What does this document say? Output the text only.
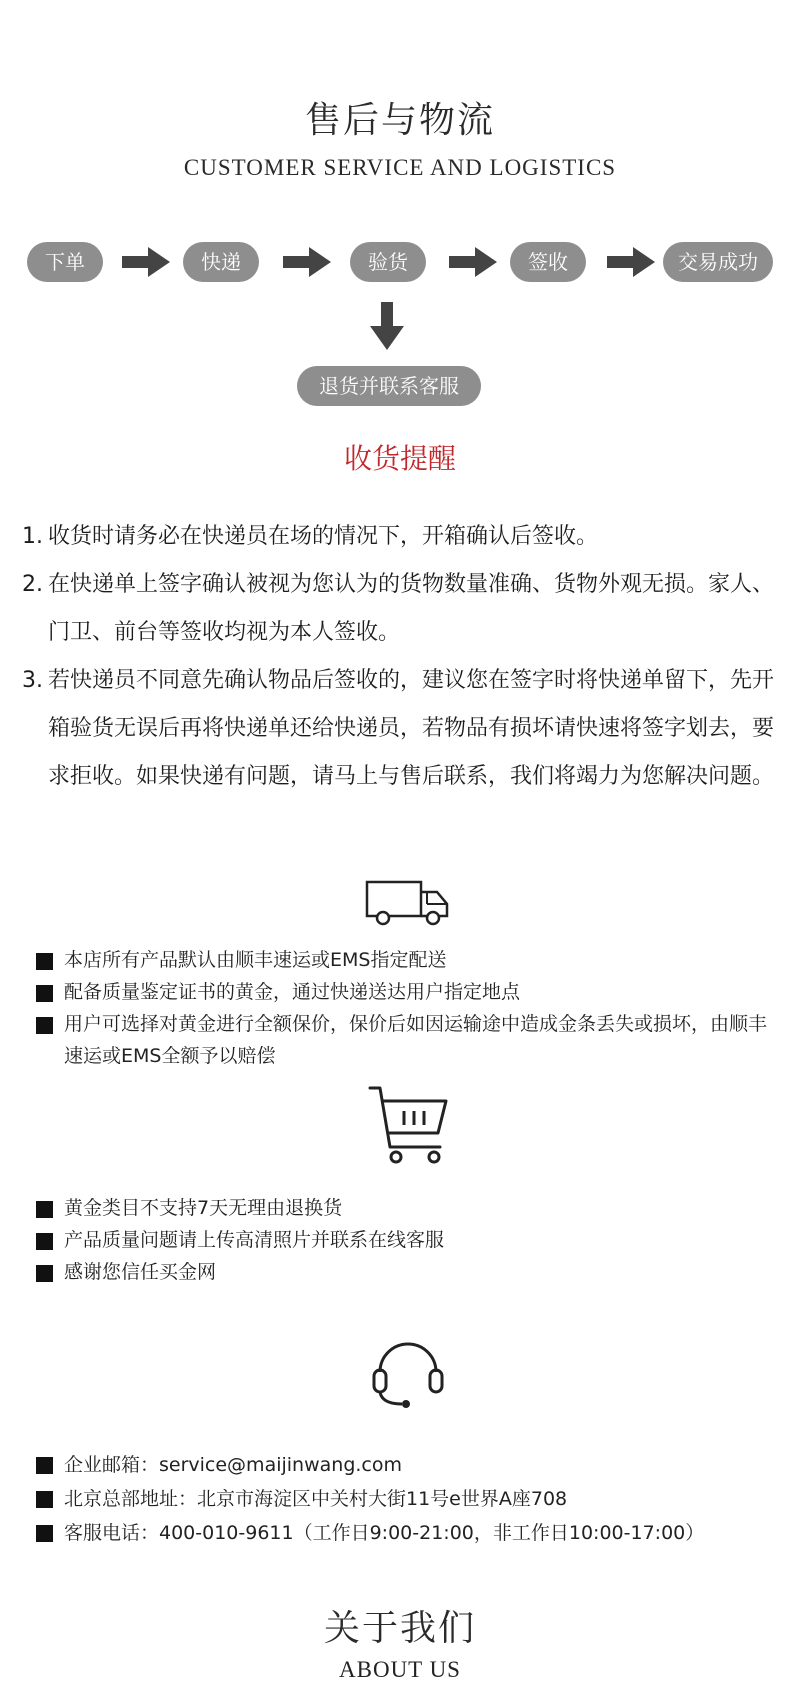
售后与物流
CUSTOMER SERVICE AND LOGISTICS
下单	快递	验货	签收	交易成功
退货并联系客服
收货提醒
1. 收货时请务必在快递员在场的情况下，开箱确认后签收。
2. 在快递单上签字确认被视为您认为的货物数量准确、货物外观无损。家人、门卫、前台等签收均视为本人签收。
3. 若快递员不同意先确认物品后签收的，建议您在签字时将快递单留下，先开箱验货无误后再将快递单还给快递员，若物品有损坏请快速将签字划去，要求拒收。如果快递有问题，请马上与售后联系，我们将竭力为您解决问题。
本店所有产品默认由顺丰速运或EMS指定配送
配备质量鉴定证书的黄金，通过快递送达用户指定地点
用户可选择对黄金进行全额保价，保价后如因运输途中造成金条丢失或损坏，由顺丰速运或EMS全额予以赔偿
黄金类目不支持7天无理由退换货
产品质量问题请上传高清照片并联系在线客服
感谢您信任买金网
企业邮箱：service@maijinwang.com
北京总部地址：北京市海淀区中关村大街11号e世界A座708
客服电话：400-010-9611（工作日9:00-21:00，非工作日10:00-17:00）
关于我们
ABOUT US
